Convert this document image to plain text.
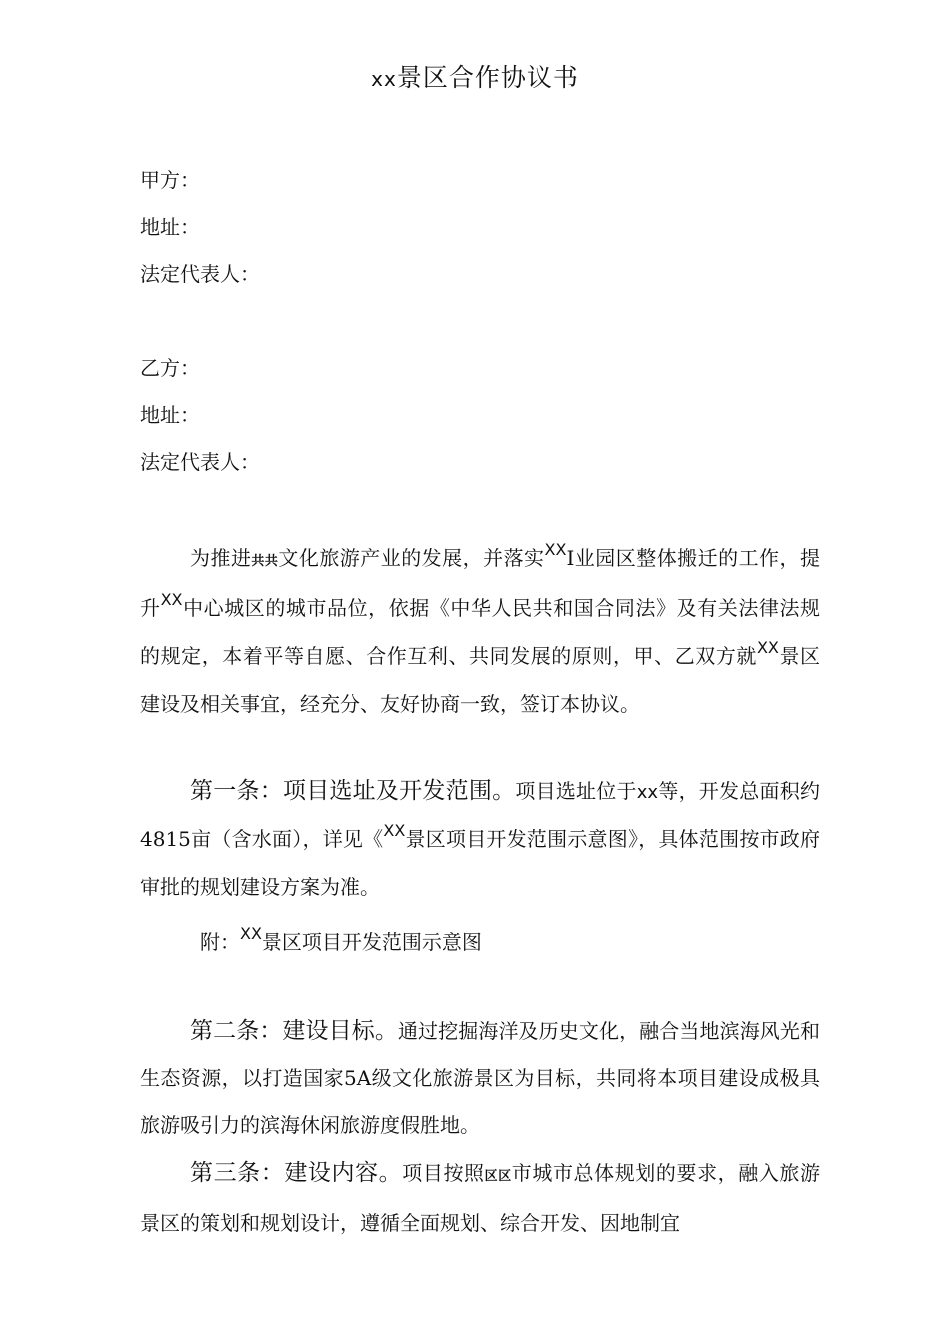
xx景区合作协议书
甲方：
地址：
法定代表人：
乙方：
地址：
法定代表人：

为推进共共文化旅游产业的发展，并落实$^{XX}$I业园区整体搬迁的工作，提升$^{XX}$中心城区的城市品位，依据《中华人民共和国合同法》及有关法律法规的规定，本着平等自愿、合作互利、共同发展的原则，甲、乙双方就$^{XX}$景区建设及相关事宜，经充分、友好协商一致，签订本协议。

第一条：项目选址及开发范围。项目选址位于xx等，开发总面积约4815亩（含水面），详见《$^{XX}$景区项目开发范围示意图》，具体范围按市政府审批的规划建设方案为准。

附：$^{XX}$景区项目开发范围示意图

第二条：建设目标。通过挖掘海洋及历史文化，融合当地滨海风光和生态资源，以打造国家5A级文化旅游景区为目标，共同将本项目建设成极具旅游吸引力的滨海休闲旅游度假胜地。

第三条：建设内容。项目按照区区市城市总体规划的要求，融入旅游景区的策划和规划设计，遵循全面规划、综合开发、因地制宜
